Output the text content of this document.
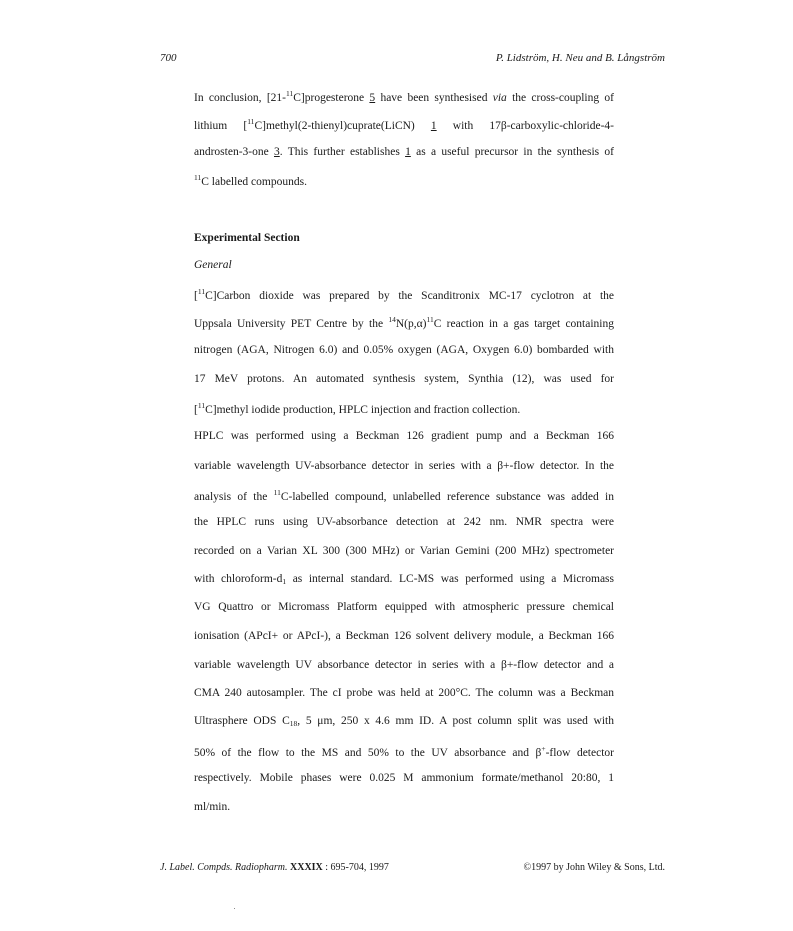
700	P. Lidström, H. Neu and B. Långström
In conclusion, [21-$^{11}$C]progesterone 5 have been synthesised via the cross-coupling of
lithium [$^{11}$C]methyl(2-thienyl)cuprate(LiCN) 1 with 17β-carboxylic-chloride-4-
androsten-3-one 3. This further establishes 1 as a useful precursor in the synthesis of
$^{11}$C labelled compounds.
Experimental Section
General
[$^{11}$C]Carbon dioxide was prepared by the Scanditronix MC-17 cyclotron at the
Uppsala University PET Centre by the $^{14}N(p,\alpha)^{11}C$ reaction in a gas target containing
nitrogen (AGA, Nitrogen 6.0) and 0.05% oxygen (AGA, Oxygen 6.0) bombarded with
17 MeV protons. An automated synthesis system, Synthia (12), was used for
[$^{11}$C]methyl iodide production, HPLC injection and fraction collection.
HPLC was performed using a Beckman 126 gradient pump and a Beckman 166
variable wavelength UV-absorbance detector in series with a β+-flow detector. In the
analysis of the $^{11}$C-labelled compound, unlabelled reference substance was added in
the HPLC runs using UV-absorbance detection at 242 nm. NMR spectra were
recorded on a Varian XL 300 (300 MHz) or Varian Gemini (200 MHz) spectrometer
with chloroform-$d_1$ as internal standard. LC-MS was performed using a Micromass
VG Quattro or Micromass Platform equipped with atmospheric pressure chemical
ionisation (APcI+ or APcI-), a Beckman 126 solvent delivery module, a Beckman 166
variable wavelength UV absorbance detector in series with a β+-flow detector and a
CMA 240 autosampler. The cI probe was held at 200°C. The column was a Beckman
Ultrasphere ODS $C_{18}$, 5 μm, 250 x 4.6 mm ID. A post column split was used with
50% of the flow to the MS and 50% to the UV absorbance and β+-flow detector
respectively. Mobile phases were 0.025 M ammonium formate/methanol 20:80, 1
ml/min.
J. Label. Compds. Radiopharm. XXXIX : 695-704, 1997	©1997 by John Wiley & Sons, Ltd.
